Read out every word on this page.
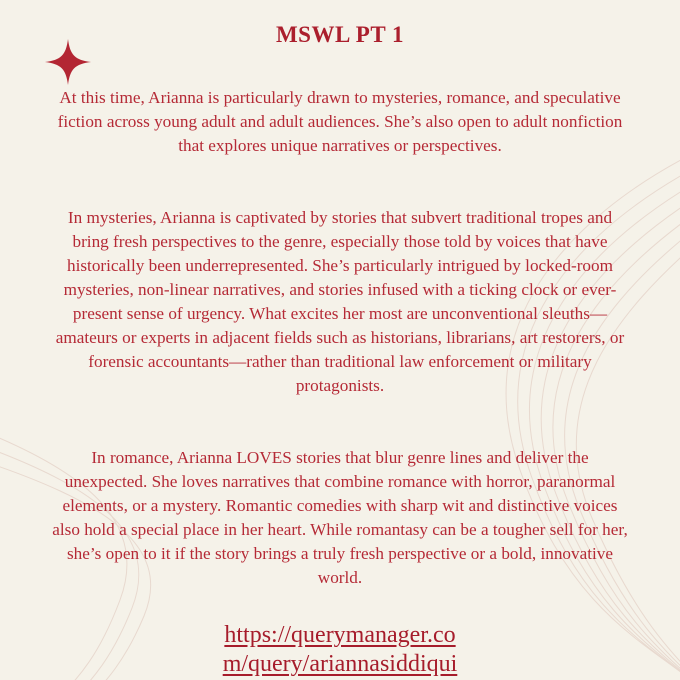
MSWL PT 1

At this time, Arianna is particularly drawn to mysteries, romance, and speculative fiction across young adult and adult audiences. She’s also open to adult nonfiction that explores unique narratives or perspectives.

In mysteries, Arianna is captivated by stories that subvert traditional tropes and bring fresh perspectives to the genre, especially those told by voices that have historically been underrepresented. She’s particularly intrigued by locked-room mysteries, non-linear narratives, and stories infused with a ticking clock or ever-present sense of urgency. What excites her most are unconventional sleuths—amateurs or experts in adjacent fields such as historians, librarians, art restorers, or forensic accountants—rather than traditional law enforcement or military protagonists.

In romance, Arianna LOVES stories that blur genre lines and deliver the unexpected. She loves narratives that combine romance with horror, paranormal elements, or a mystery. Romantic comedies with sharp wit and distinctive voices also hold a special place in her heart. While romantasy can be a tougher sell for her, she’s open to it if the story brings a truly fresh perspective or a bold, innovative world.

https://querymanager.co
m/query/ariannasiddiqui
